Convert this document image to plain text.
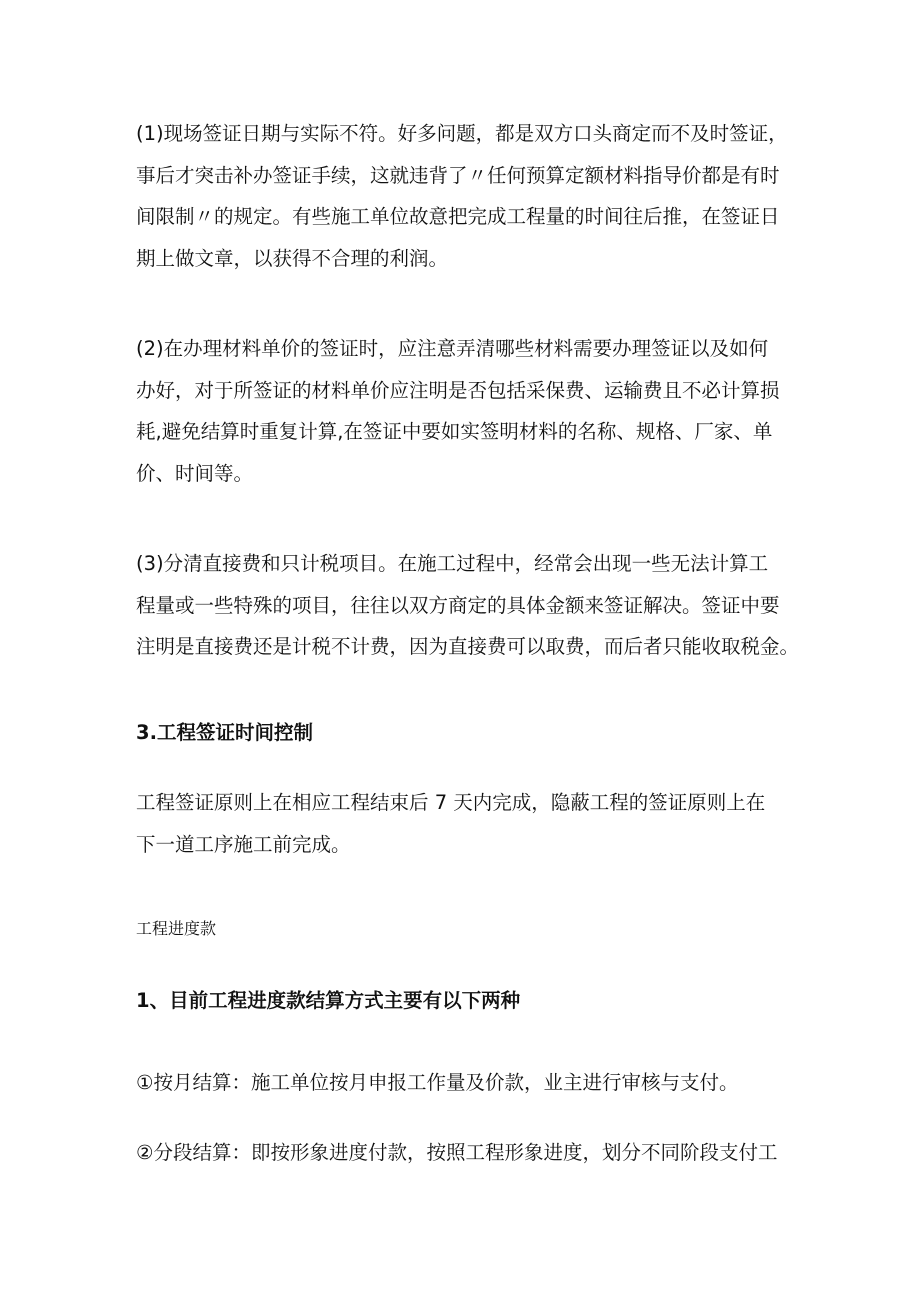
(1)现场签证日期与实际不符。好多问题，都是双方口头商定而不及时签证，
事后才突击补办签证手续，这就违背了〃任何预算定额材料指导价都是有时
间限制〃的规定。有些施工单位故意把完成工程量的时间往后推，在签证日
期上做文章，以获得不合理的利润。
(2)在办理材料单价的签证时，应注意弄清哪些材料需要办理签证以及如何
办好，对于所签证的材料单价应注明是否包括采保费、运输费且不必计算损
耗,避免结算时重复计算,在签证中要如实签明材料的名称、规格、厂家、单
价、时间等。
(3)分清直接费和只计税项目。在施工过程中，经常会出现一些无法计算工
程量或一些特殊的项目，往往以双方商定的具体金额来签证解决。签证中要
注明是直接费还是计税不计费，因为直接费可以取费，而后者只能收取税金。
3.工程签证时间控制
工程签证原则上在相应工程结束后 7 天内完成，隐蔽工程的签证原则上在
下一道工序施工前完成。
工程进度款
1、目前工程进度款结算方式主要有以下两种
①按月结算：施工单位按月申报工作量及价款，业主进行审核与支付。
②分段结算：即按形象进度付款，按照工程形象进度，划分不同阶段支付工
